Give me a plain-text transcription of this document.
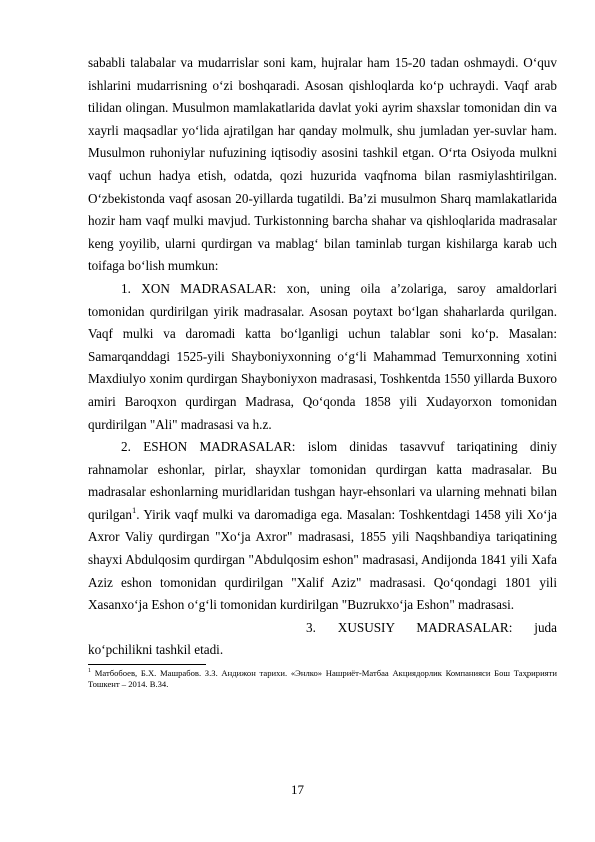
sababli talabalar va mudarrislar soni kam, hujralar ham 15-20 tadan oshmaydi. O‘quv ishlarini mudarrisning o‘zi boshqaradi. Asosan qishloqlarda ko‘p uchraydi. Vaqf arab tilidan olingan. Musulmon mamlakatlarida davlat yoki ayrim shaxslar tomonidan din va xayrli maqsadlar yo‘lida ajratilgan har qanday molmulk, shu jumladan yer-suvlar ham. Musulmon ruhoniylar nufuzining iqtisodiy asosini tashkil etgan. O‘rta Osiyoda mulkni vaqf uchun hadya etish, odatda, qozi huzurida vaqfnoma bilan rasmiylashtirilgan. O‘zbekistonda vaqf asosan 20-yillarda tugatildi. Ba’zi musulmon Sharq mamlakatlarida hozir ham vaqf mulki mavjud. Turkistonning barcha shahar va qishloqlarida madrasalar keng yoyilib, ularni qurdirgan va mablag‘ bilan taminlab turgan kishilarga karab uch toifaga bo‘lish mumkun:

1. XON MADRASALAR: xon, uning oila a’zolariga, saroy amaldorlari tomonidan qurdirilgan yirik madrasalar. Asosan poytaxt bo‘lgan shaharlarda qurilgan. Vaqf mulki va daromadi katta bo‘lganligi uchun talablar soni ko‘p. Masalan: Samarqanddagi 1525-yili Shayboniyxonning o‘g‘li Mahammad Temurxonning xotini Maxdiulyo xonim qurdirgan Shayboniyxon madrasasi, Toshkentda 1550 yillarda Buxoro amiri Baroqxon qurdirgan Madrasa, Qo‘qonda 1858 yili Xudayorxon tomonidan qurdirilgan "Ali" madrasasi va h.z.

2. ESHON MADRASALAR: islom dinidas tasavvuf tariqatining diniy rahnamolar eshonlar, pirlar, shayxlar tomonidan qurdirgan katta madrasalar. Bu madrasalar eshonlarning muridlaridan tushgan hayr-ehsonlari va ularning mehnati bilan qurilgan$^1$. Yirik vaqf mulki va daromadiga ega. Masalan: Toshkentdagi 1458 yili Xo‘ja Axror Valiy qurdirgan "Xo‘ja Axror" madrasasi, 1855 yili Naqshbandiya tariqatining shayxi Abdulqosim qurdirgan "Abdulqosim eshon" madrasasi, Andijonda 1841 yili Xafa Aziz eshon tomonidan qurdirilgan "Xalif Aziz" madrasasi. Qo‘qondagi 1801 yili Xasanxo‘ja Eshon o‘g‘li tomonidan kurdirilgan "Buzrukxo‘ja Eshon" madrasasi.

3. XUSUSIY MADRASALAR: juda ko‘pchilikni tashkil etadi.

$^1$ Матбобоев, Б.Х. Машрабов. З.З. Андижон тарихи. «Энлко» Нашриёт-Матбаа Акциядорлик Компанияси Бош Таҳририяти Тошкент – 2014. B.34.

17
